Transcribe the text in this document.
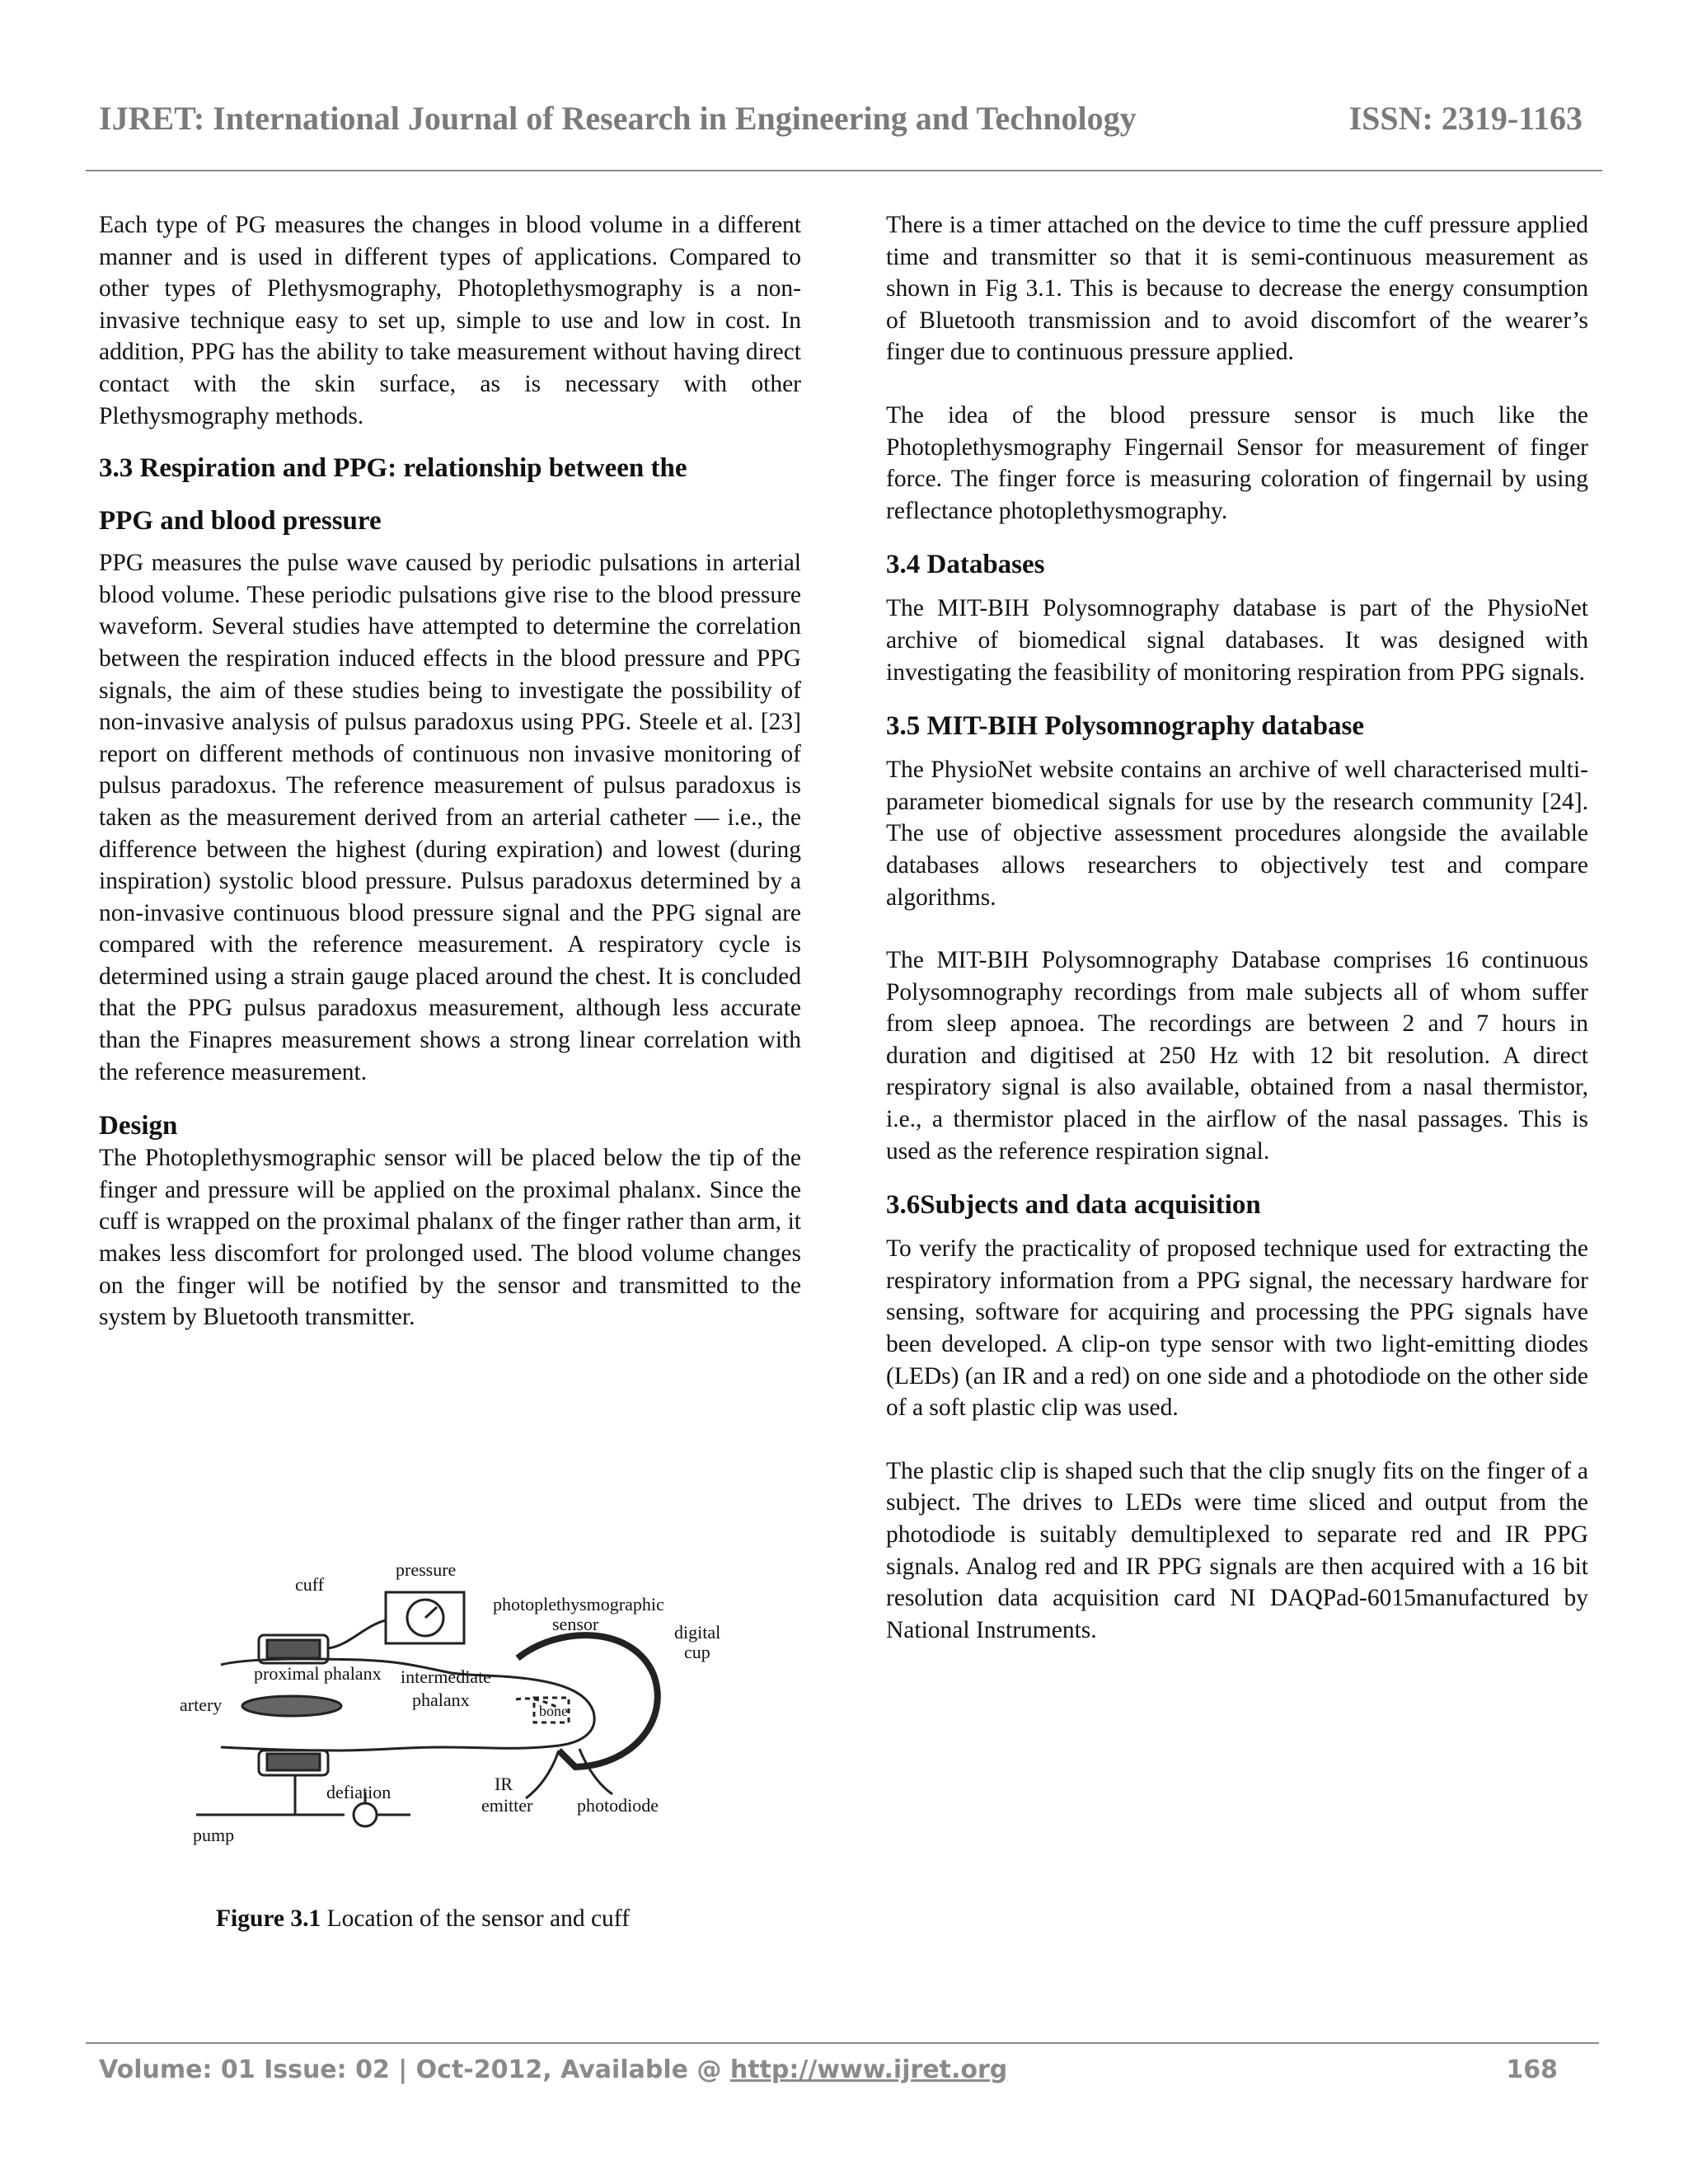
IJRET: International Journal of Research in Engineering and Technology	ISSN: 2319-1163

Each type of PG measures the changes in blood volume in a different manner and is used in different types of applications. Compared to other types of Plethysmography, Photoplethysmography is a non-invasive technique easy to set up, simple to use and low in cost. In addition, PPG has the ability to take measurement without having direct contact with the skin surface, as is necessary with other Plethysmography methods.

3.3 Respiration and PPG: relationship between the
PPG and blood pressure

PPG measures the pulse wave caused by periodic pulsations in arterial blood volume. These periodic pulsations give rise to the blood pressure waveform. Several studies have attempted to determine the correlation between the respiration induced effects in the blood pressure and PPG signals, the aim of these studies being to investigate the possibility of non-invasive analysis of pulsus paradoxus using PPG. Steele et al. [23] report on different methods of continuous non invasive monitoring of pulsus paradoxus. The reference measurement of pulsus paradoxus is taken as the measurement derived from an arterial catheter — i.e., the difference between the highest (during expiration) and lowest (during inspiration) systolic blood pressure. Pulsus paradoxus determined by a non-invasive continuous blood pressure signal and the PPG signal are compared with the reference measurement. A respiratory cycle is determined using a strain gauge placed around the chest. It is concluded that the PPG pulsus paradoxus measurement, although less accurate than the Finapres measurement shows a strong linear correlation with the reference measurement.

Design

The Photoplethysmographic sensor will be placed below the tip of the finger and pressure will be applied on the proximal phalanx. Since the cuff is wrapped on the proximal phalanx of the finger rather than arm, it makes less discomfort for prolonged used. The blood volume changes on the finger will be notified by the sensor and transmitted to the system by Bluetooth transmitter.

cuff
pressure
photoplethysmographic
sensor	digital
cup
proximal phalanx intermediate
phalanx
bone
artery
defiation	IR
emitter photodiode
pump
Figure 3.1 Location of the sensor and cuff

There is a timer attached on the device to time the cuff pressure applied time and transmitter so that it is semi-continuous measurement as shown in Fig 3.1. This is because to decrease the energy consumption of Bluetooth transmission and to avoid discomfort of the wearer’s finger due to continuous pressure applied.

The idea of the blood pressure sensor is much like the Photoplethysmography Fingernail Sensor for measurement of finger force. The finger force is measuring coloration of fingernail by using reflectance photoplethysmography.

3.4 Databases

The MIT-BIH Polysomnography database is part of the PhysioNet archive of biomedical signal databases. It was designed with investigating the feasibility of monitoring respiration from PPG signals.

3.5 MIT-BIH Polysomnography database

The PhysioNet website contains an archive of well characterised multi-parameter biomedical signals for use by the research community [24]. The use of objective assessment procedures alongside the available databases allows researchers to objectively test and compare algorithms.

The MIT-BIH Polysomnography Database comprises 16 continuous Polysomnography recordings from male subjects all of whom suffer from sleep apnoea. The recordings are between 2 and 7 hours in duration and digitised at 250 Hz with 12 bit resolution. A direct respiratory signal is also available, obtained from a nasal thermistor, i.e., a thermistor placed in the airflow of the nasal passages. This is used as the reference respiration signal.

3.6Subjects and data acquisition

To verify the practicality of proposed technique used for extracting the respiratory information from a PPG signal, the necessary hardware for sensing, software for acquiring and processing the PPG signals have been developed. A clip-on type sensor with two light-emitting diodes (LEDs) (an IR and a red) on one side and a photodiode on the other side of a soft plastic clip was used.

The plastic clip is shaped such that the clip snugly fits on the finger of a subject. The drives to LEDs were time sliced and output from the photodiode is suitably demultiplexed to separate red and IR PPG signals. Analog red and IR PPG signals are then acquired with a 16 bit resolution data acquisition card NI DAQPad-6015manufactured by National Instruments.

Volume: 01 Issue: 02 | Oct-2012, Available @ http://www.ijret.org	168
